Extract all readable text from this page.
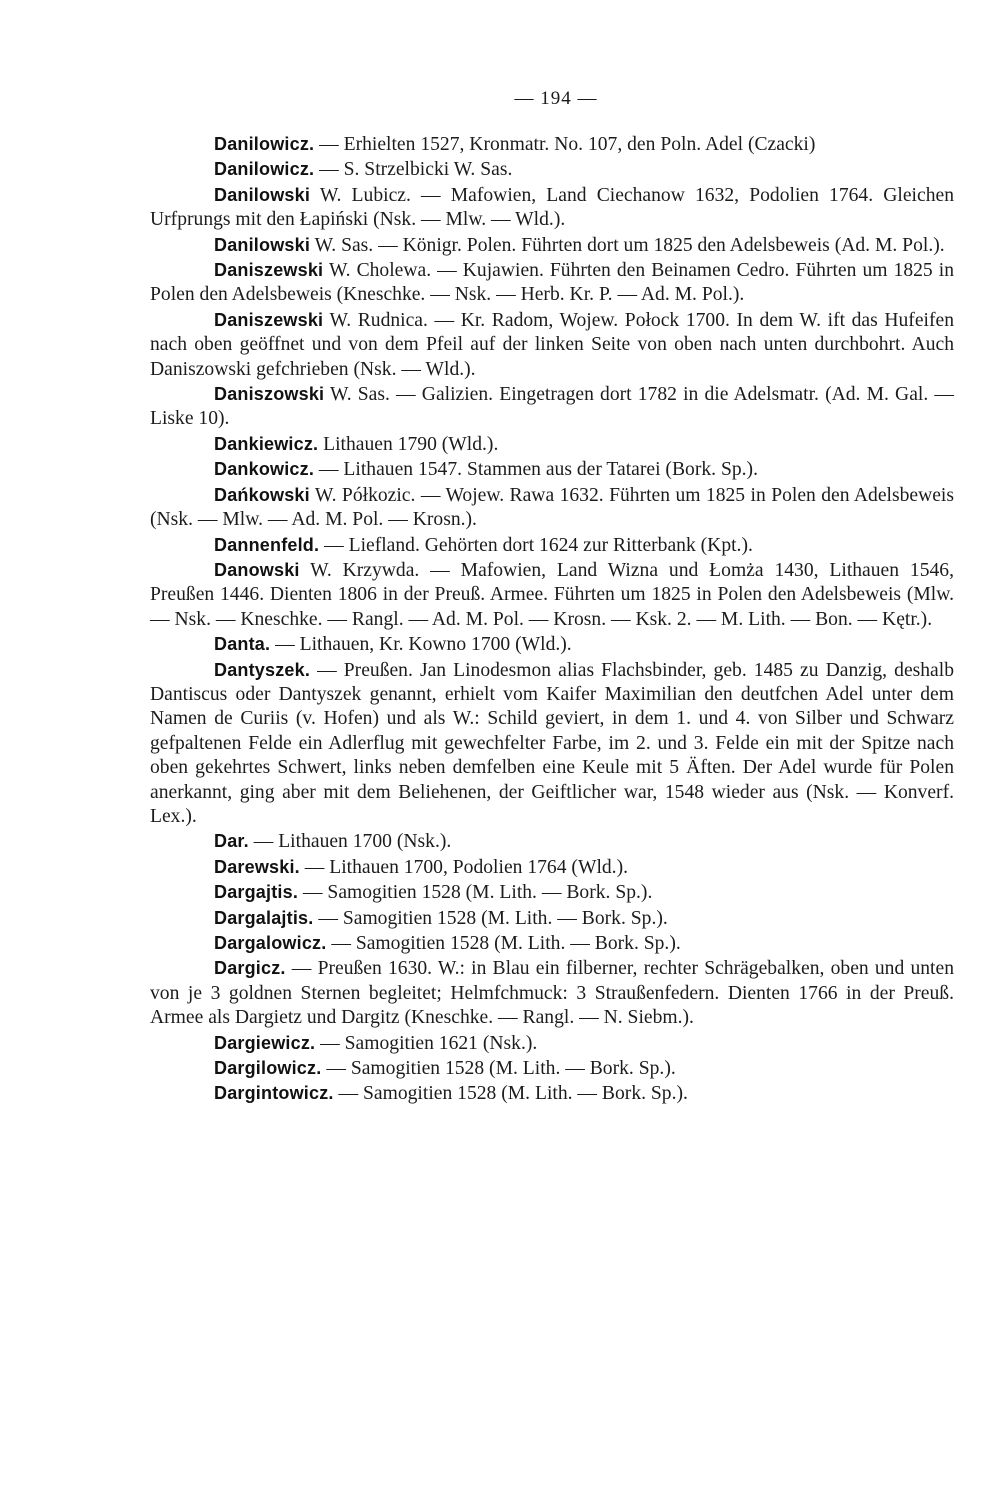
— 194 —

Danilowicz. — Erhielten 1527, Kronmatr. No. 107, den Poln. Adel (Czacki)

Danilowicz. — S. Strzelbicki W. Sas.

Danilowski W. Lubicz. — Mafowien, Land Ciechanow 1632, Podolien 1764. Gleichen Urfprungs mit den Łapiński (Nsk. — Mlw. — Wld.).

Danilowski W. Sas. — Königr. Polen. Führten dort um 1825 den Adelsbeweis (Ad. M. Pol.).

Daniszewski W. Cholewa. — Kujawien. Führten den Beinamen Cedro. Führten um 1825 in Polen den Adelsbeweis (Kneschke. — Nsk. — Herb. Kr. P. — Ad. M. Pol.).

Daniszewski W. Rudnica. — Kr. Radom, Wojew. Połock 1700. In dem W. ift das Hufeifen nach oben geöffnet und von dem Pfeil auf der linken Seite von oben nach unten durchbohrt. Auch Daniszowski gefchrieben (Nsk. — Wld.).

Daniszowski W. Sas. — Galizien. Eingetragen dort 1782 in die Adelsmatr. (Ad. M. Gal. — Liske 10).

Dankiewicz. Lithauen 1790 (Wld.).

Dankowicz. — Lithauen 1547. Stammen aus der Tatarei (Bork. Sp.).

Dańkowski W. Półkozic. — Wojew. Rawa 1632. Führten um 1825 in Polen den Adelsbeweis (Nsk. — Mlw. — Ad. M. Pol. — Krosn.).

Dannenfeld. — Liefland. Gehörten dort 1624 zur Ritterbank (Kpt.).

Danowski W. Krzywda. — Mafowien, Land Wizna und Łomża 1430, Lithauen 1546, Preußen 1446. Dienten 1806 in der Preuß. Armee. Führten um 1825 in Polen den Adelsbeweis (Mlw. — Nsk. — Kneschke. — Rangl. — Ad. M. Pol. — Krosn. — Ksk. 2. — M. Lith. — Bon. — Kętr.).

Danta. — Lithauen, Kr. Kowno 1700 (Wld.).

Dantyszek. — Preußen. Jan Linodesmon alias Flachsbinder, geb. 1485 zu Danzig, deshalb Dantiscus oder Dantyszek genannt, erhielt vom Kaifer Maximilian den deutfchen Adel unter dem Namen de Curiis (v. Hofen) und als W.: Schild geviert, in dem 1. und 4. von Silber und Schwarz gefpaltenen Felde ein Adlerflug mit gewechfelter Farbe, im 2. und 3. Felde ein mit der Spitze nach oben gekehrtes Schwert, links neben demfelben eine Keule mit 5 Äften. Der Adel wurde für Polen anerkannt, ging aber mit dem Beliehenen, der Geiftlicher war, 1548 wieder aus (Nsk. — Konverf. Lex.).

Dar. — Lithauen 1700 (Nsk.).

Darewski. — Lithauen 1700, Podolien 1764 (Wld.).

Dargajtis. — Samogitien 1528 (M. Lith. — Bork. Sp.).

Dargalajtis. — Samogitien 1528 (M. Lith. — Bork. Sp.).

Dargalowicz. — Samogitien 1528 (M. Lith. — Bork. Sp.).

Dargicz. — Preußen 1630. W.: in Blau ein filberner, rechter Schrägebalken, oben und unten von je 3 goldnen Sternen begleitet; Helmfchmuck: 3 Straußenfedern. Dienten 1766 in der Preuß. Armee als Dargietz und Dargitz (Kneschke. — Rangl. — N. Siebm.).

Dargiewicz. — Samogitien 1621 (Nsk.).

Dargilowicz. — Samogitien 1528 (M. Lith. — Bork. Sp.).

Dargintowicz. — Samogitien 1528 (M. Lith. — Bork. Sp.).
